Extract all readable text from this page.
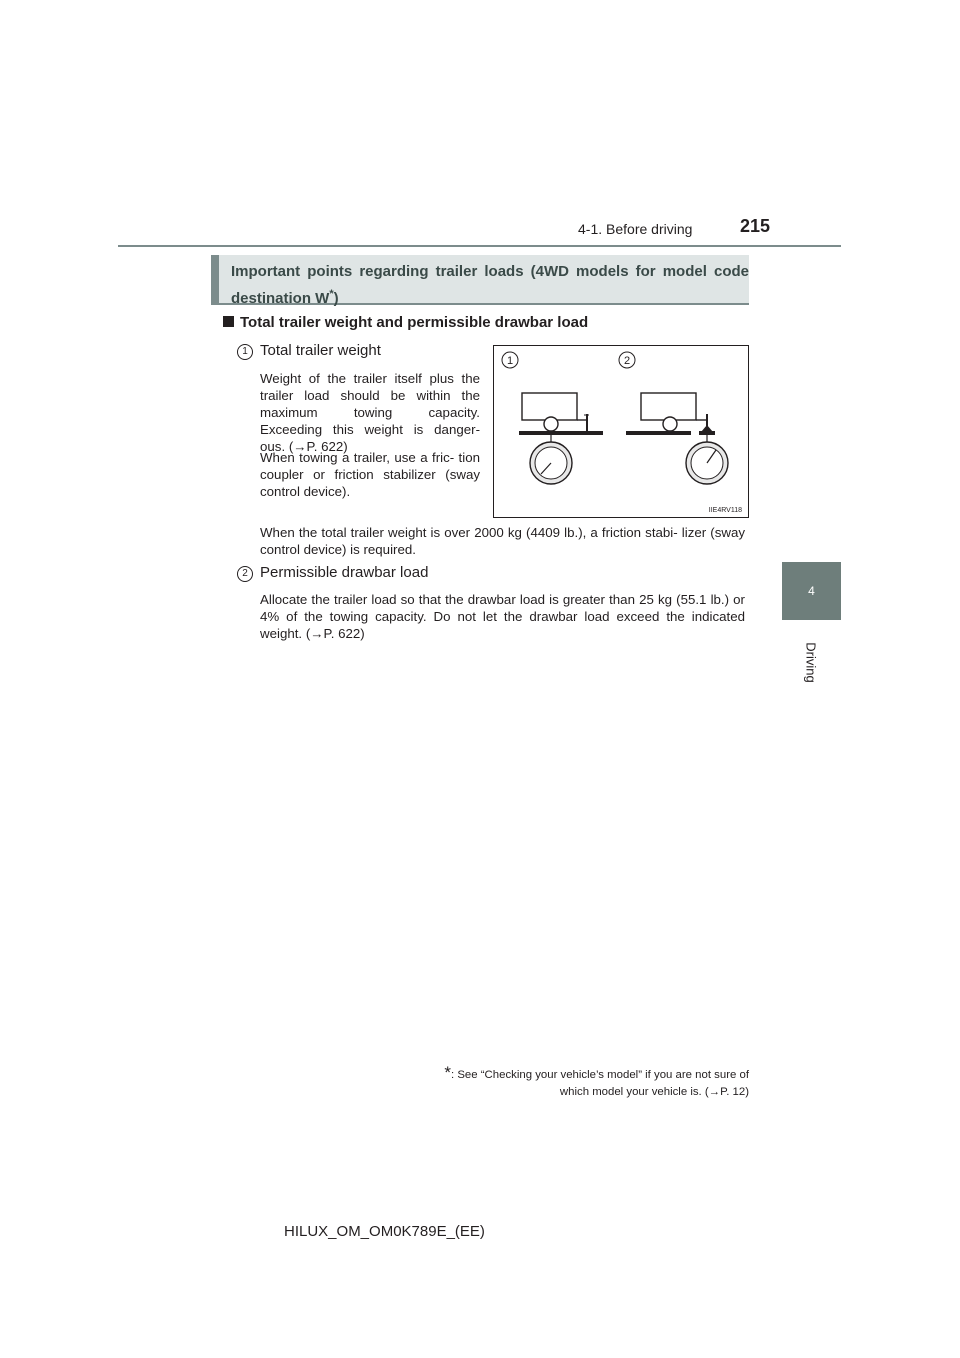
4-1. Before driving	215
4
Driving
Important points regarding trailer loads (4WD models for model code destination W*)
Total trailer weight and permissible drawbar load
1 Total trailer weight
Weight of the trailer itself plus the trailer load should be within the maximum towing capacity. Exceeding this weight is danger- ous. (→P. 622)
When towing a trailer, use a fric- tion coupler or friction stabilizer (sway control device).
When the total trailer weight is over 2000 kg (4409 lb.), a friction stabi- lizer (sway control device) is required.
2 Permissible drawbar load
Allocate the trailer load so that the drawbar load is greater than 25 kg (55.1 lb.) or 4% of the towing capacity. Do not let the drawbar load exceed the indicated weight. (→P. 622)
1	2
IIE4RV118
*: See “Checking your vehicle’s model” if you are not sure of
which model your vehicle is. (→P. 12)
HILUX_OM_OM0K789E_(EE)
